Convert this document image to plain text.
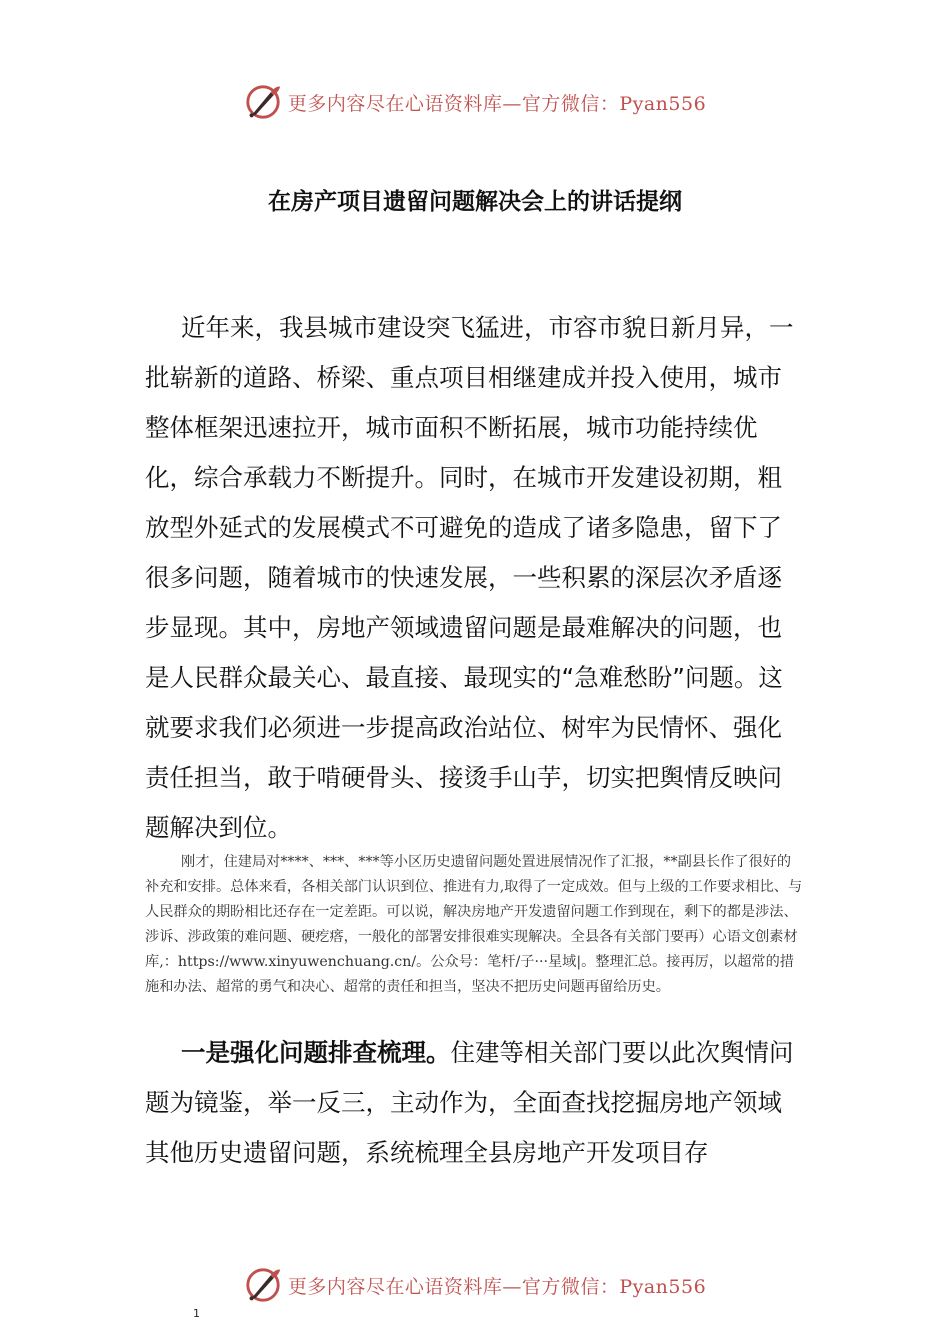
更多内容尽在心语资料库—官方微信：Pyan556
在房产项目遗留问题解决会上的讲话提纲

近年来，我县城市建设突飞猛进，市容市貌日新月异，一批崭新的道路、桥梁、重点项目相继建成并投入使用，城市整体框架迅速拉开，城市面积不断拓展，城市功能持续优化，综合承载力不断提升。同时，在城市开发建设初期，粗放型外延式的发展模式不可避免的造成了诸多隐患，留下了很多问题，随着城市的快速发展，一些积累的深层次矛盾逐步显现。其中，房地产领域遗留问题是最难解决的问题，也是人民群众最关心、最直接、最现实的“急难愁盼”问题。这就要求我们必须进一步提高政治站位、树牢为民情怀、强化责任担当，敢于啃硬骨头、接烫手山芋，切实把舆情反映问题解决到位。

刚才，住建局对****、***、***等小区历史遗留问题处置进展情况作了汇报，**副县长作了很好的补充和安排。总体来看，各相关部门认识到位、推进有力,取得了一定成效。但与上级的工作要求相比、与人民群众的期盼相比还存在一定差距。可以说，解决房地产开发遗留问题工作到现在，剩下的都是涉法、涉诉、涉政策的难问题、硬疙瘩，一般化的部署安排很难实现解决。全县各有关部门要再）心语文创素材库,：https://www.xinyuwenchuang.cn/。公众号：笔杆/子···星域|。整理汇总。接再厉，以超常的措施和办法、超常的勇气和决心、超常的责任和担当，坚决不把历史问题再留给历史。

一是强化问题排查梳理。住建等相关部门要以此次舆情问题为镜鉴，举一反三，主动作为，全面查找挖掘房地产领域其他历史遗留问题，系统梳理全县房地产开发项目存

更多内容尽在心语资料库—官方微信：Pyan556
1
